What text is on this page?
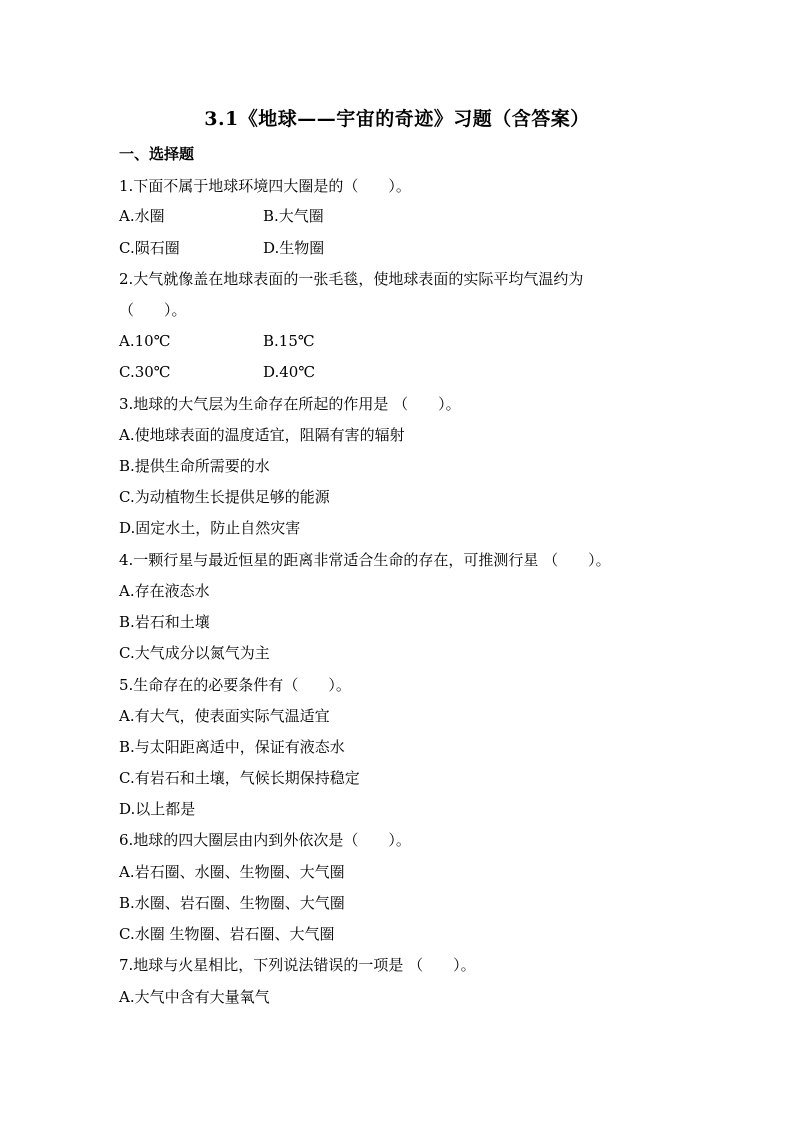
3.1《地球——宇宙的奇迹》习题（含答案）
一、选择题
1.下面不属于地球环境四大圈是的（　　）。
A.水圈	B.大气圈
C.陨石圈	D.生物圈
2.大气就像盖在地球表面的一张毛毯，使地球表面的实际平均气温约为
（　　）。
A.10℃	B.15℃
C.30℃	D.40℃
3.地球的大气层为生命存在所起的作用是 （　　）。
A.使地球表面的温度适宜，阻隔有害的辐射
B.提供生命所需要的水
C.为动植物生长提供足够的能源
D.固定水土，防止自然灾害
4.一颗行星与最近恒星的距离非常适合生命的存在，可推测行星 （　　）。
A.存在液态水
B.岩石和土壤
C.大气成分以氮气为主
5.生命存在的必要条件有（　　）。
A.有大气，使表面实际气温适宜
B.与太阳距离适中，保证有液态水
C.有岩石和土壤，气候长期保持稳定
D.以上都是
6.地球的四大圈层由内到外依次是（　　）。
A.岩石圈、水圈、生物圈、大气圈
B.水圈、岩石圈、生物圈、大气圈
C.水圈 生物圈、岩石圈、大气圈
7.地球与火星相比，下列说法错误的一项是 （　　）。
A.大气中含有大量氧气
